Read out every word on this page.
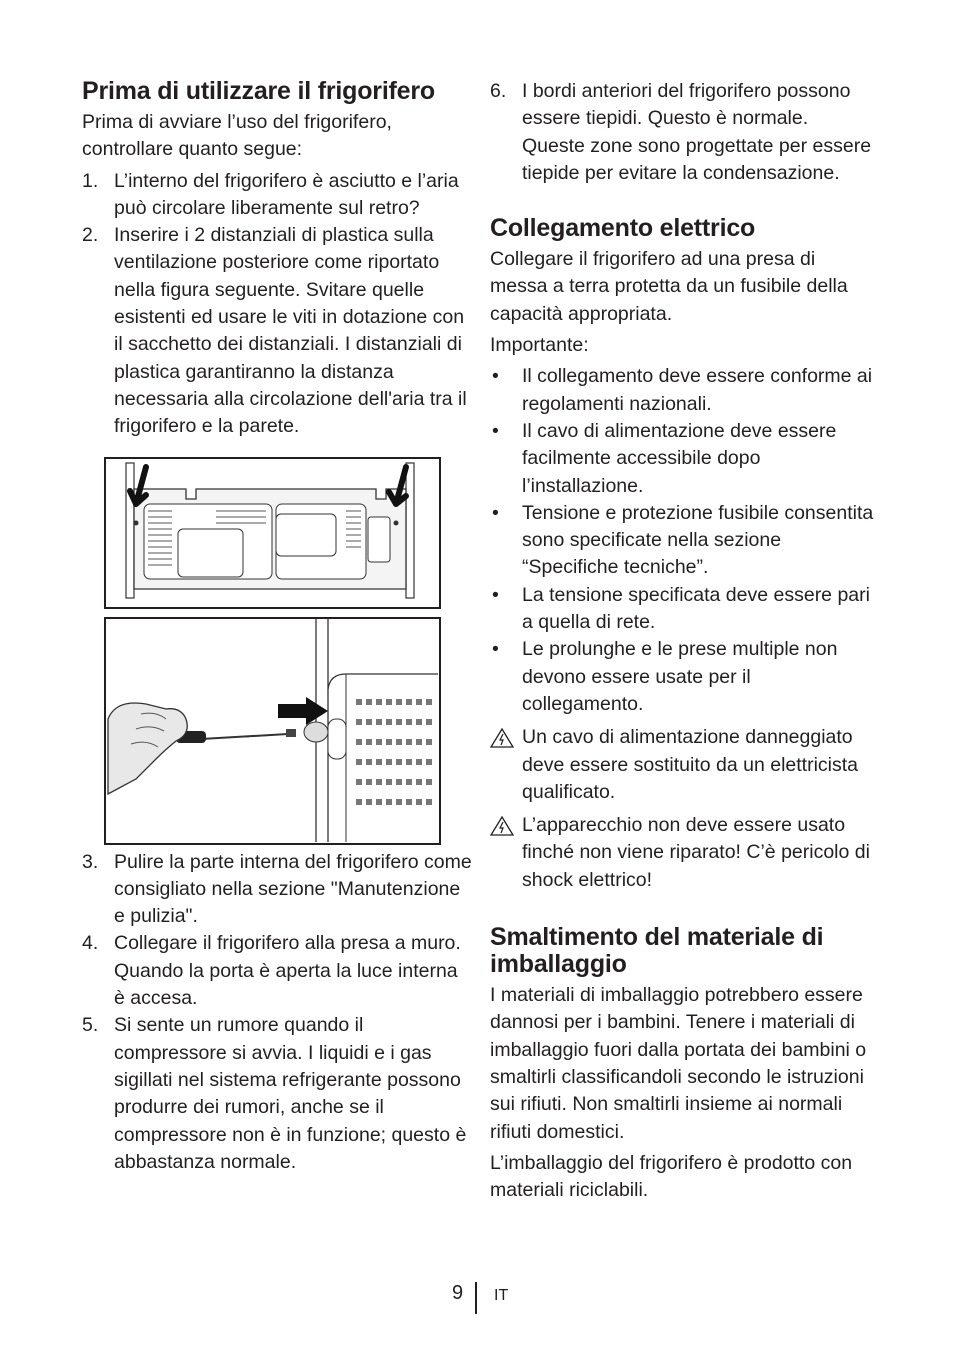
Prima di utilizzare il frigorifero

Prima di avviare l’uso del frigorifero, controllare quanto segue:

1. L’interno del frigorifero è asciutto e l’aria può circolare liberamente sul retro?
2. Inserire i 2 distanziali di plastica sulla ventilazione posteriore come riportato nella figura seguente. Svitare quelle esistenti ed usare le viti in dotazione con il sacchetto dei distanziali. I distanziali di plastica garantiranno la distanza necessaria alla circolazione dell'aria tra il frigorifero e la parete.
3. Pulire la parte interna del frigorifero come consigliato nella sezione "Manutenzione e pulizia".
4. Collegare il frigorifero alla presa a muro. Quando la porta è aperta la luce interna è accesa.
5. Si sente un rumore quando il compressore si avvia. I liquidi e i gas sigillati nel sistema refrigerante possono produrre dei rumori, anche se il compressore non è in funzione; questo è abbastanza normale.
6. I bordi anteriori del frigorifero possono essere tiepidi. Questo è normale. Queste zone sono progettate per essere tiepide per evitare la condensazione.
Collegamento elettrico

Collegare il frigorifero ad una presa di messa a terra protetta da un fusibile della capacità appropriata.

Importante:

• Il collegamento deve essere conforme ai regolamenti nazionali.
• Il cavo di alimentazione deve essere facilmente accessibile dopo l’installazione.
• Tensione e protezione fusibile consentita sono specificate nella sezione “Specifiche tecniche”.
• La tensione specificata deve essere pari a quella di rete.
• Le prolunghe e le prese multiple non devono essere usate per il collegamento.
Un cavo di alimentazione danneggiato deve essere sostituito da un elettricista qualificato.
L’apparecchio non deve essere usato finché non viene riparato! C’è pericolo di shock elettrico!
Smaltimento del materiale di imballaggio

I materiali di imballaggio potrebbero essere dannosi per i bambini. Tenere i materiali di imballaggio fuori dalla portata dei bambini o smaltirli classificandoli secondo le istruzioni sui rifiuti. Non smaltirli insieme ai normali rifiuti domestici.

L’imballaggio del frigorifero è prodotto con materiali riciclabili.

9 IT
